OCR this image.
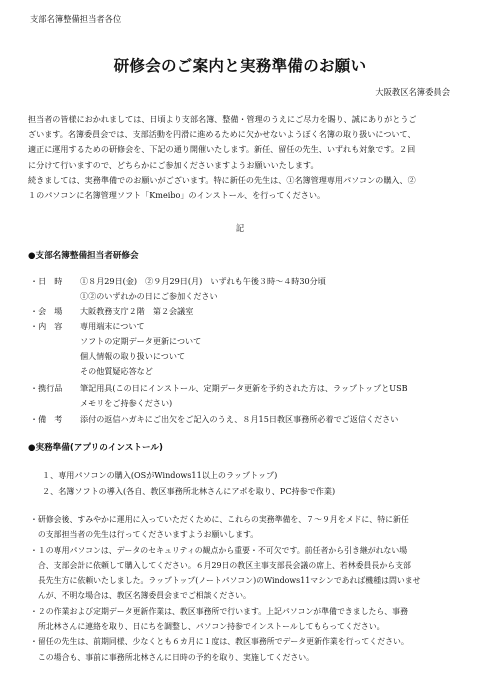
支部名簿整備担当者各位
研修会のご案内と実務準備のお願い
大阪教区名簿委員会
担当者の皆様におかれましては、日頃より支部名簿、整備・管理のうえにご尽力を賜り、誠にありがとうご
ざいます。名簿委員会では、支部活動を円滑に進めるために欠かせないようぼく名簿の取り扱いについて、
適正に運用するための研修会を、下記の通り開催いたします。新任、留任の先生、いずれも対象です。２回
に分けて行いますので、どちらかにご参加くださいますようお願いいたします。
続きましては、実務準備でのお願いがございます。特に新任の先生は、①名簿管理専用パソコンの購入、②
１のパソコンに名簿管理ソフト「Kmeibo」のインストール、を行ってください。
記
●支部名簿整備担当者研修会
・日　時	①８月29日(金)　②９月29日(月)　いずれも午後３時〜４時30分頃
①②のいずれかの日にご参加ください
・会　場	大阪教務支庁２階　第２会議室
・内　容	専用端末について
ソフトの定期データ更新について
個人情報の取り扱いについて
その他質疑応答など
・携行品	筆記用具(この日にインストール、定期データ更新を予約された方は、ラップトップとUSB
メモリをご持参ください)
・備　考	添付の返信ハガキにご出欠をご記入のうえ、８月15日教区事務所必着でご返信ください
●実務準備(アプリのインストール)
１、専用パソコンの購入(OSがWindows11以上のラップトップ)
２、名簿ソフトの導入(各自、教区事務所北林さんにアポを取り、PC持参で作業)
・研修会後、すみやかに運用に入っていただくために、これらの実務準備を、７〜９月をメドに、特に新任
　の支部担当者の先生は行ってくださいますようお願いします。
・１の専用パソコンは、データのセキュリティの観点から重要・不可欠です。前任者から引き継がれない場
　合、支部会計に依頼して購入してください。６月29日の教区主事支部長会議の席上、若林委員長から支部
　長先生方に依頼いたしました。ラップトップ(ノートパソコン)のWindows11マシンであれば機種は問いませ
　んが、不明な場合は、教区名簿委員会までご相談ください。
・２の作業および定期データ更新作業は、教区事務所で行います。上記パソコンが準備できましたら、事務
　所北林さんに連絡を取り、日にちを調整し、パソコン持参でインストールしてもらってください。
・留任の先生は、前期同様、少なくとも６カ月に１度は、教区事務所でデータ更新作業を行ってください。
　この場合も、事前に事務所北林さんに日時の予約を取り、実施してください。
